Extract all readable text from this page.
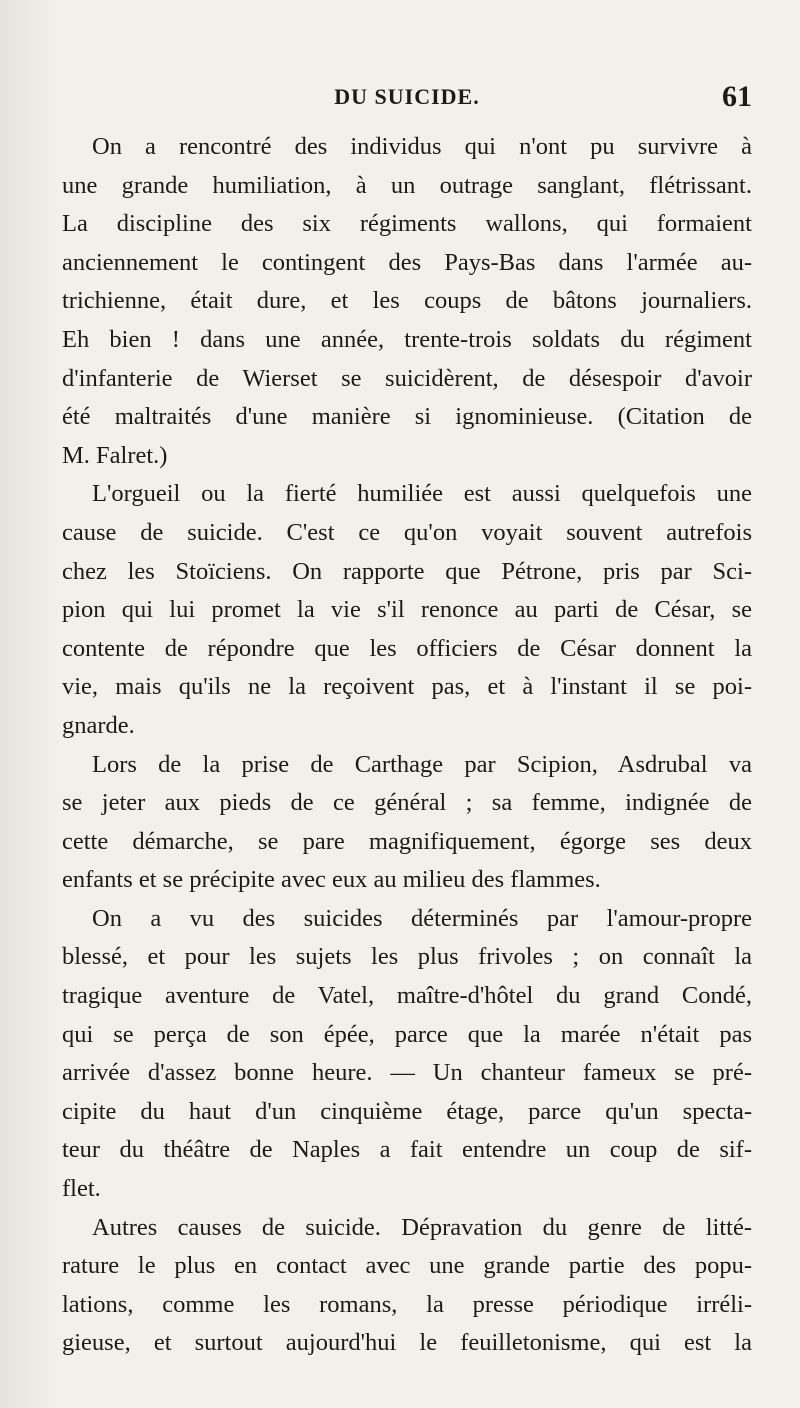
DU SUICIDE.	61

On a rencontré des individus qui n'ont pu survivre à
une grande humiliation, à un outrage sanglant, flétrissant.
La discipline des six régiments wallons, qui formaient
anciennement le contingent des Pays-Bas dans l'armée au-
trichienne, était dure, et les coups de bâtons journaliers.
Eh bien ! dans une année, trente-trois soldats du régiment
d'infanterie de Wierset se suicidèrent, de désespoir d'avoir
été maltraités d'une manière si ignominieuse. (Citation de
M. Falret.)

L'orgueil ou la fierté humiliée est aussi quelquefois une
cause de suicide. C'est ce qu'on voyait souvent autrefois
chez les Stoïciens. On rapporte que Pétrone, pris par Sci-
pion qui lui promet la vie s'il renonce au parti de César, se
contente de répondre que les officiers de César donnent la
vie, mais qu'ils ne la reçoivent pas, et à l'instant il se poi-
gnarde.

Lors de la prise de Carthage par Scipion, Asdrubal va
se jeter aux pieds de ce général ; sa femme, indignée de
cette démarche, se pare magnifiquement, égorge ses deux
enfants et se précipite avec eux au milieu des flammes.

On a vu des suicides déterminés par l'amour-propre
blessé, et pour les sujets les plus frivoles ; on connaît la
tragique aventure de Vatel, maître-d'hôtel du grand Condé,
qui se perça de son épée, parce que la marée n'était pas
arrivée d'assez bonne heure. — Un chanteur fameux se pré-
cipite du haut d'un cinquième étage, parce qu'un specta-
teur du théâtre de Naples a fait entendre un coup de sif-
flet.

Autres causes de suicide. Dépravation du genre de litté-
rature le plus en contact avec une grande partie des popu-
lations, comme les romans, la presse périodique irréli-
gieuse, et surtout aujourd'hui le feuilletonisme, qui est la
